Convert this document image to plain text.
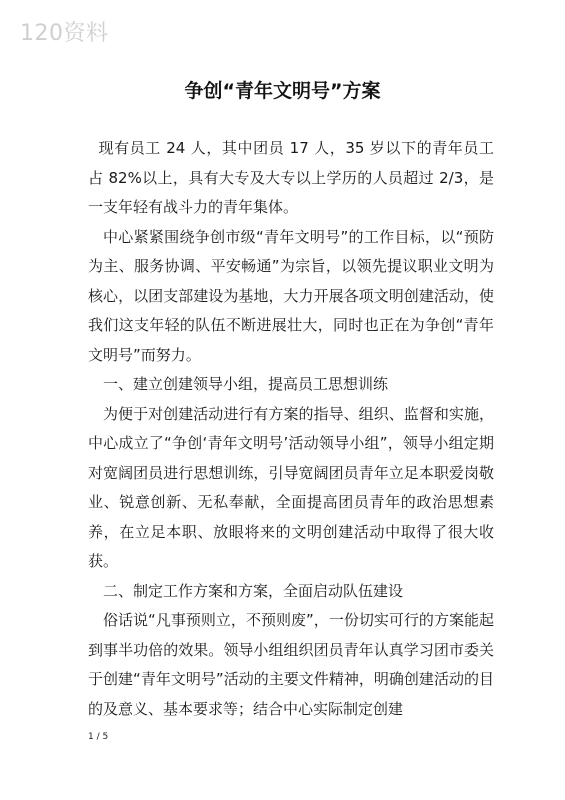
120资料
争创“青年文明号”方案

现有员工 24 人，其中团员 17 人，35 岁以下的青年员工占 82%以上，具有大专及大专以上学历的人员超过 2/3，是一支年轻有战斗力的青年集体。

中心紧紧围绕争创市级“青年文明号”的工作目标，以“预防为主、服务协调、平安畅通”为宗旨，以领先提议职业文明为核心，以团支部建设为基地，大力开展各项文明创建活动，使我们这支年轻的队伍不断进展壮大，同时也正在为争创“青年文明号”而努力。

一、建立创建领导小组，提高员工思想训练

为便于对创建活动进行有方案的指导、组织、监督和实施，中心成立了“争创‘青年文明号’活动领导小组”，领导小组定期对宽阔团员进行思想训练，引导宽阔团员青年立足本职爱岗敬业、锐意创新、无私奉献，全面提高团员青年的政治思想素养，在立足本职、放眼将来的文明创建活动中取得了很大收获。

二、制定工作方案和方案，全面启动队伍建设

俗话说“凡事预则立，不预则废”，一份切实可行的方案能起到事半功倍的效果。领导小组组织团员青年认真学习团市委关于创建“青年文明号”活动的主要文件精神，明确创建活动的目的及意义、基本要求等；结合中心实际制定创建

1 / 5
